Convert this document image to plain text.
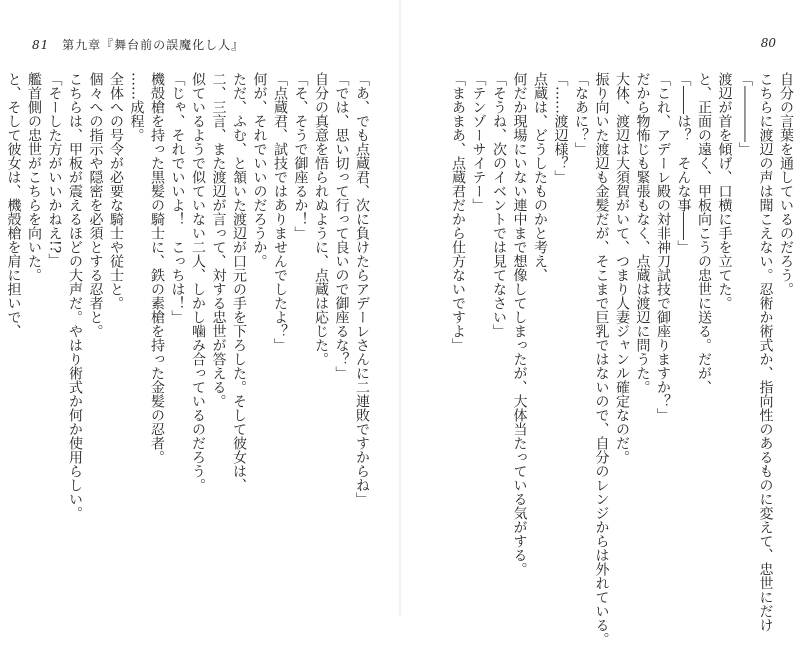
80
自分の言葉を通しているのだろう。
こちらに渡辺の声は聞こえない。忍術か術式か、指向性のあるものに変えて、忠世にだけ
「――――」
渡辺が首を傾げ、口横に手を立てた。
と、正面の遠く、甲板向こうの忠世に送る。だが、
「――は？　そんな事――」
「これ、アデーレ殿の対非神刀試技で御座りますか？」
だから物怖じも緊張もなく、点蔵は渡辺に問うた。
大体、渡辺は大須賀がいて、つまり人妻ジャンル確定なのだ。
振り向いた渡辺も金髪だが、そこまで巨乳ではないので、自分のレンジからは外れている。
「なあに？」
「……渡辺様？」
点蔵は、どうしたものかと考え、
何だか現場にいない連中まで想像してしまったが、大体当たっている気がする。
「そうね、次のイベントでは見てなさい」
「テンゾーサイテー」
「まあまあ、点蔵君だから仕方ないですよ」
81 第九章『舞台前の誤魔化し人』
「あ、でも点蔵君、次に負けたらアデーレさんに二連敗ですからね」
「では、思い切って行って良いので御座るな？」
自分の真意を悟られぬように、点蔵は応じた。
「そ、そうで御座るか！」
「点蔵君、試技ではありませんでしたよ？」
何が、それでいいのだろうか。
ただ、ふむ、と頷いた渡辺が口元の手を下ろした。そして彼女は、
二、三言、また渡辺が言って、対する忠世が答える。
似ているようで似ていない二人、しかし噛み合っているのだろう。
「じゃ、それでいいよ！　こっちは！」
機殻槍を持った黒髪の騎士に、鉄の素槍を持った金髪の忍者。
……成程。
全体への号令が必要な騎士や従士と。
個々への指示や隠密を必須とする忍者と。
こちらは、甲板が震えるほどの大声だ。やはり術式か何か使用らしい。
「そーした方がいいかねえ!?」
艦首側の忠世がこちらを向いた。
と、そして彼女は、機殻槍を肩に担いで、
